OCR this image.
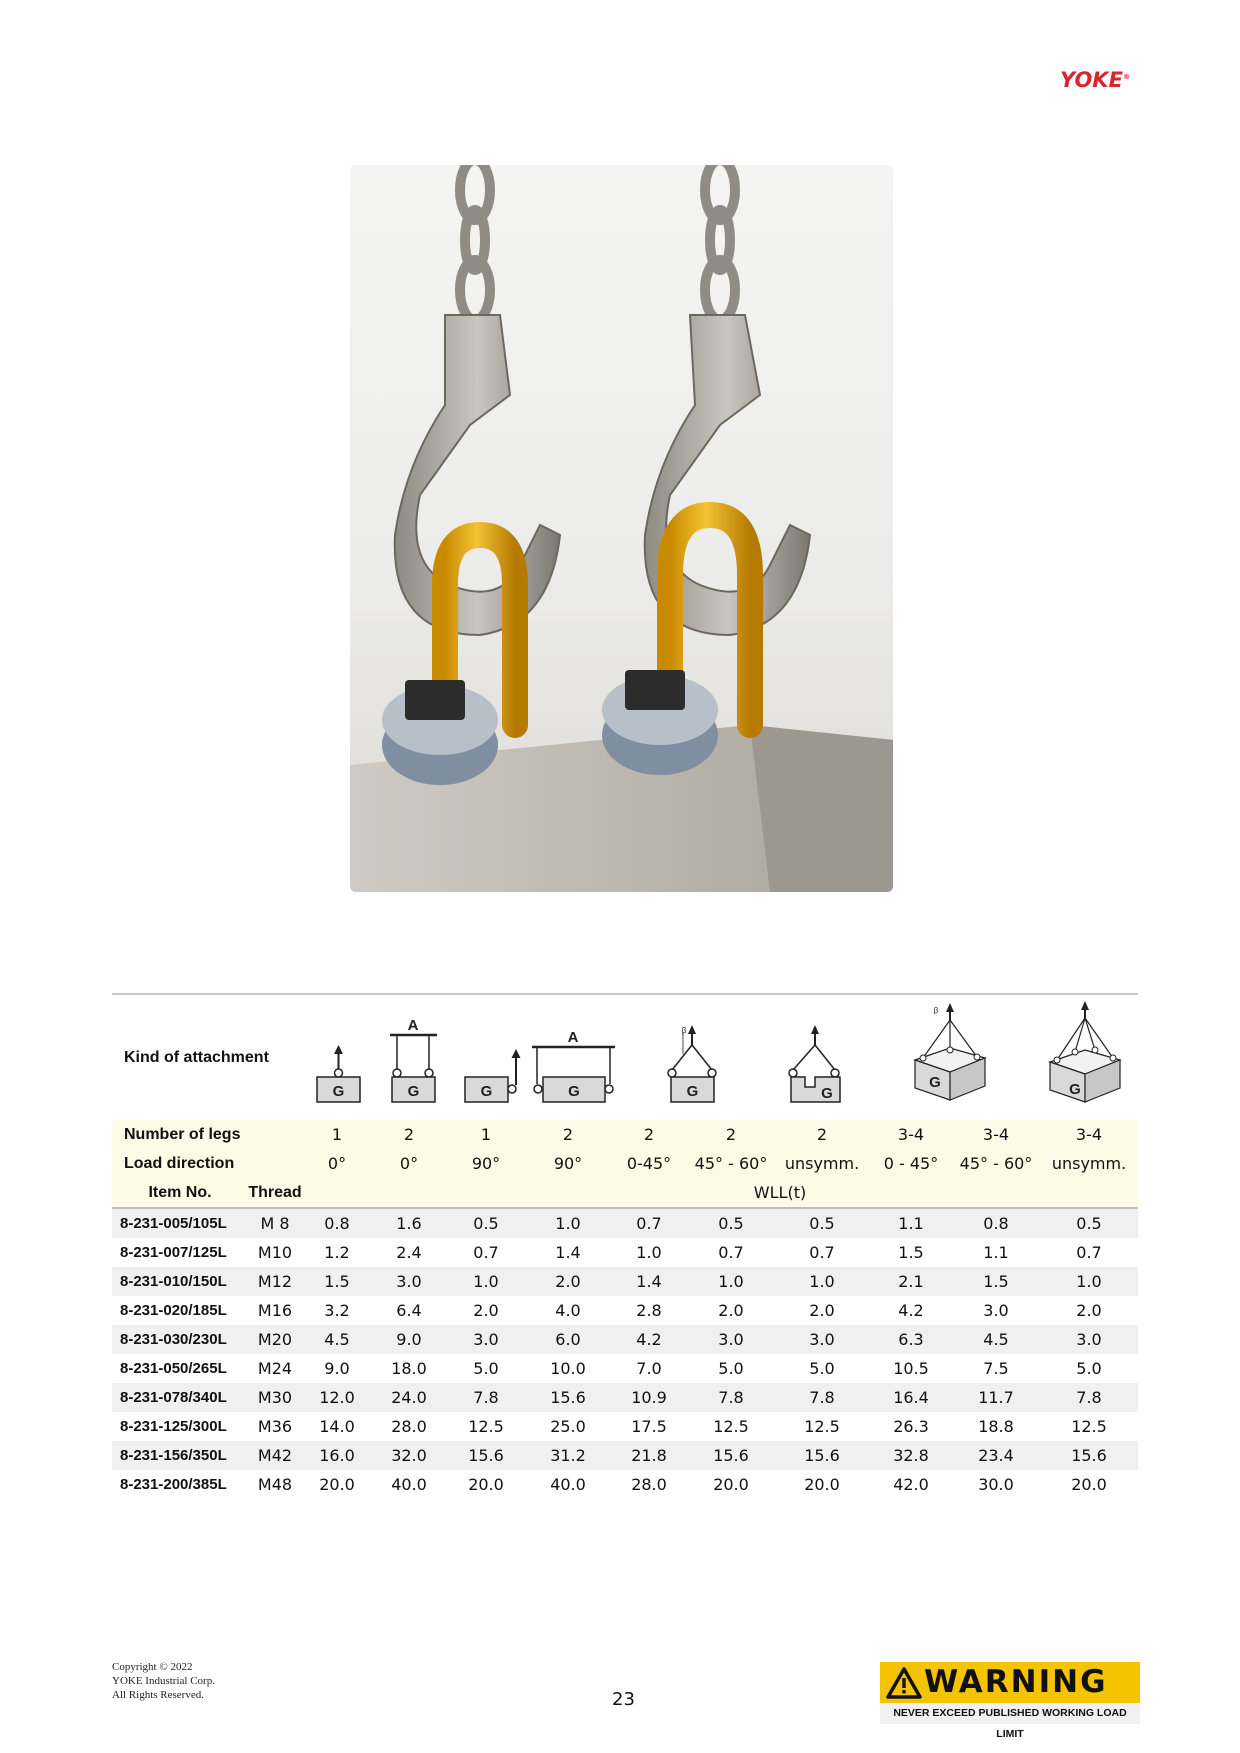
YOKE®
Kind of attachment
G
A
G	G
A
G
β
G	G
G
β
G
Number of legs		1	2	1	2	2	2	2	3-4	3-4	3-4
Load direction		0°	0°	90°	90°	0-45°	45° - 60°	unsymm.	0 - 45°	45° - 60°	unsymm.
Item No.	Thread	WLL(t)									
8-231-005/105L	M 8	0.8	1.6	0.5	1.0	0.7	0.5	0.5	1.1	0.8	0.5
8-231-007/125L	M10	1.2	2.4	0.7	1.4	1.0	0.7	0.7	1.5	1.1	0.7
8-231-010/150L	M12	1.5	3.0	1.0	2.0	1.4	1.0	1.0	2.1	1.5	1.0
8-231-020/185L	M16	3.2	6.4	2.0	4.0	2.8	2.0	2.0	4.2	3.0	2.0
8-231-030/230L	M20	4.5	9.0	3.0	6.0	4.2	3.0	3.0	6.3	4.5	3.0
8-231-050/265L	M24	9.0	18.0	5.0	10.0	7.0	5.0	5.0	10.5	7.5	5.0
8-231-078/340L	M30	12.0	24.0	7.8	15.6	10.9	7.8	7.8	16.4	11.7	7.8
8-231-125/300L	M36	14.0	28.0	12.5	25.0	17.5	12.5	12.5	26.3	18.8	12.5
8-231-156/350L	M42	16.0	32.0	15.6	31.2	21.8	15.6	15.6	32.8	23.4	15.6
8-231-200/385L	M48	20.0	40.0	20.0	40.0	28.0	20.0	20.0	42.0	30.0	20.0
Copyright © 2022
YOKE Industrial Corp.
All Rights Reserved.	23	WARNING
NEVER EXCEED PUBLISHED WORKING LOAD LIMIT
